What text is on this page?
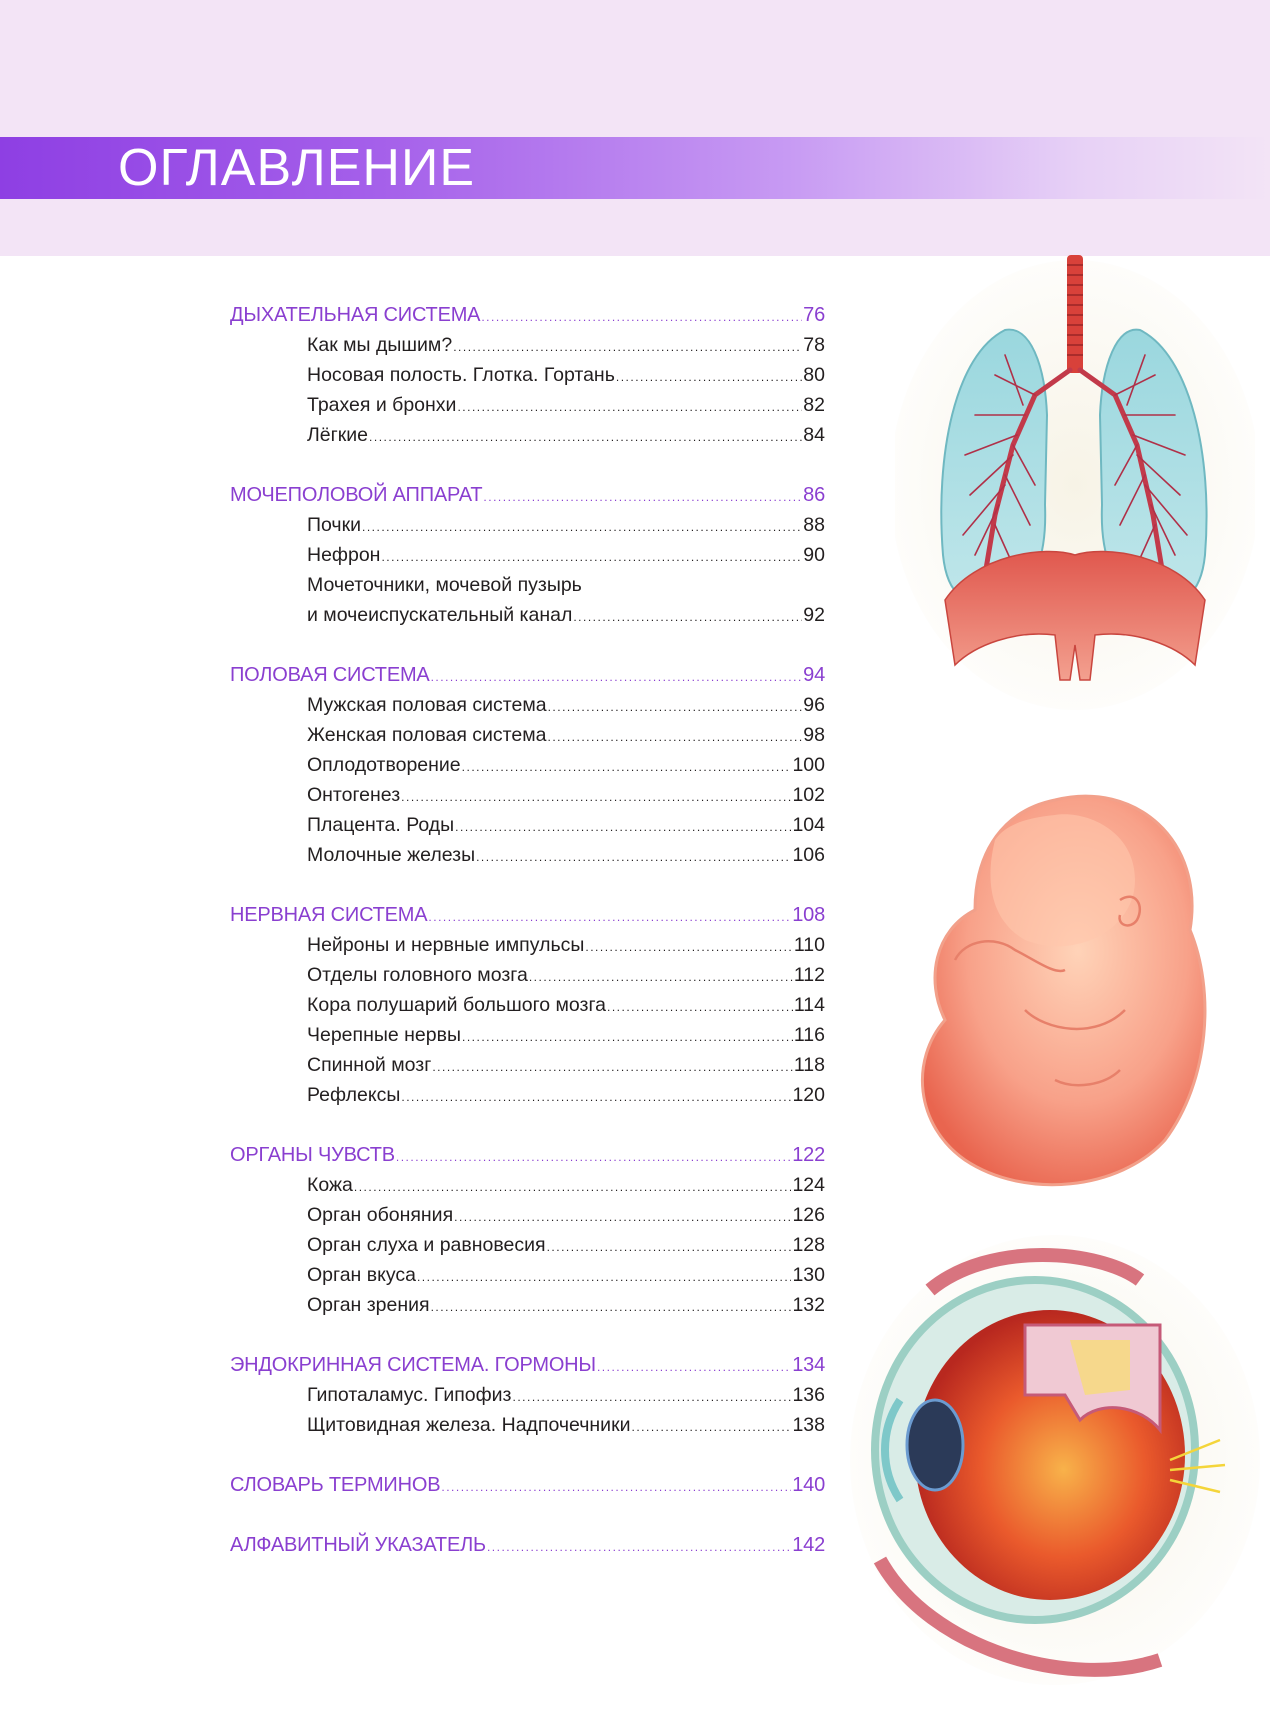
ОГЛАВЛЕНИЕ
ДЫХАТЕЛЬНАЯ СИСТЕМА .....	76
Как мы дышим? .....	78
Носовая полость. Глотка. Гортань .....	80
Трахея и бронхи .....	82
Лёгкие .....	84
МОЧЕПОЛОВОЙ АППАРАТ .....	86
Почки .....	88
Нефрон .....	90
Мочеточники, мочевой пузырь
и мочеиспускательный канал .....	92
ПОЛОВАЯ СИСТЕМА .....	94
Мужская половая система .....	96
Женская половая система .....	98
Оплодотворение .....	100
Онтогенез .....	102
Плацента. Роды .....	104
Молочные железы .....	106
НЕРВНАЯ СИСТЕМА .....	108
Нейроны и нервные импульсы .....	110
Отделы головного мозга .....	112
Кора полушарий большого мозга .....	114
Черепные нервы .....	116
Спинной мозг .....	118
Рефлексы .....	120
ОРГАНЫ ЧУВСТВ .....	122
Кожа .....	124
Орган обоняния .....	126
Орган слуха и равновесия .....	128
Орган вкуса .....	130
Орган зрения .....	132
ЭНДОКРИННАЯ СИСТЕМА. ГОРМОНЫ .....	134
Гипоталамус. Гипофиз .....	136
Щитовидная железа. Надпочечники .....	138
СЛОВАРЬ ТЕРМИНОВ .....	140
АЛФАВИТНЫЙ УКАЗАТЕЛЬ .....	142
